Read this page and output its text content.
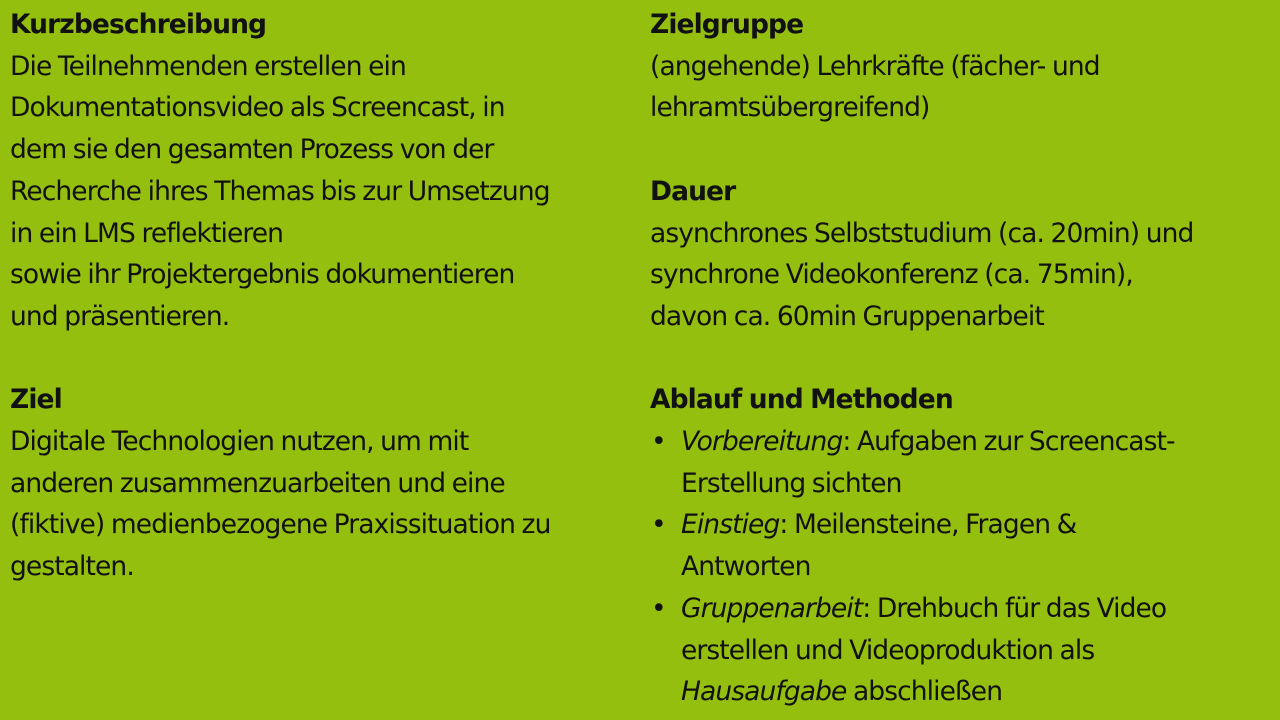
Kurzbeschreibung
Die Teilnehmenden erstellen ein
Dokumentationsvideo als Screencast, in
dem sie den gesamten Prozess von der
Recherche ihres Themas bis zur Umsetzung
in ein LMS reflektieren
sowie ihr Projektergebnis dokumentieren
und präsentieren.
Ziel
Digitale Technologien nutzen, um mit
anderen zusammenzuarbeiten und eine
(fiktive) medienbezogene Praxissituation zu
gestalten.
Zielgruppe
(angehende) Lehrkräfte (fächer- und
lehramtsübergreifend)
Dauer
asynchrones Selbststudium (ca. 20min) und
synchrone Videokonferenz (ca. 75min),
davon ca. 60min Gruppenarbeit
Ablauf und Methoden
• Vorbereitung: Aufgaben zur Screencast-
Erstellung sichten
• Einstieg: Meilensteine, Fragen &
Antworten
• Gruppenarbeit: Drehbuch für das Video
erstellen und Videoproduktion als
Hausaufgabe abschließen
